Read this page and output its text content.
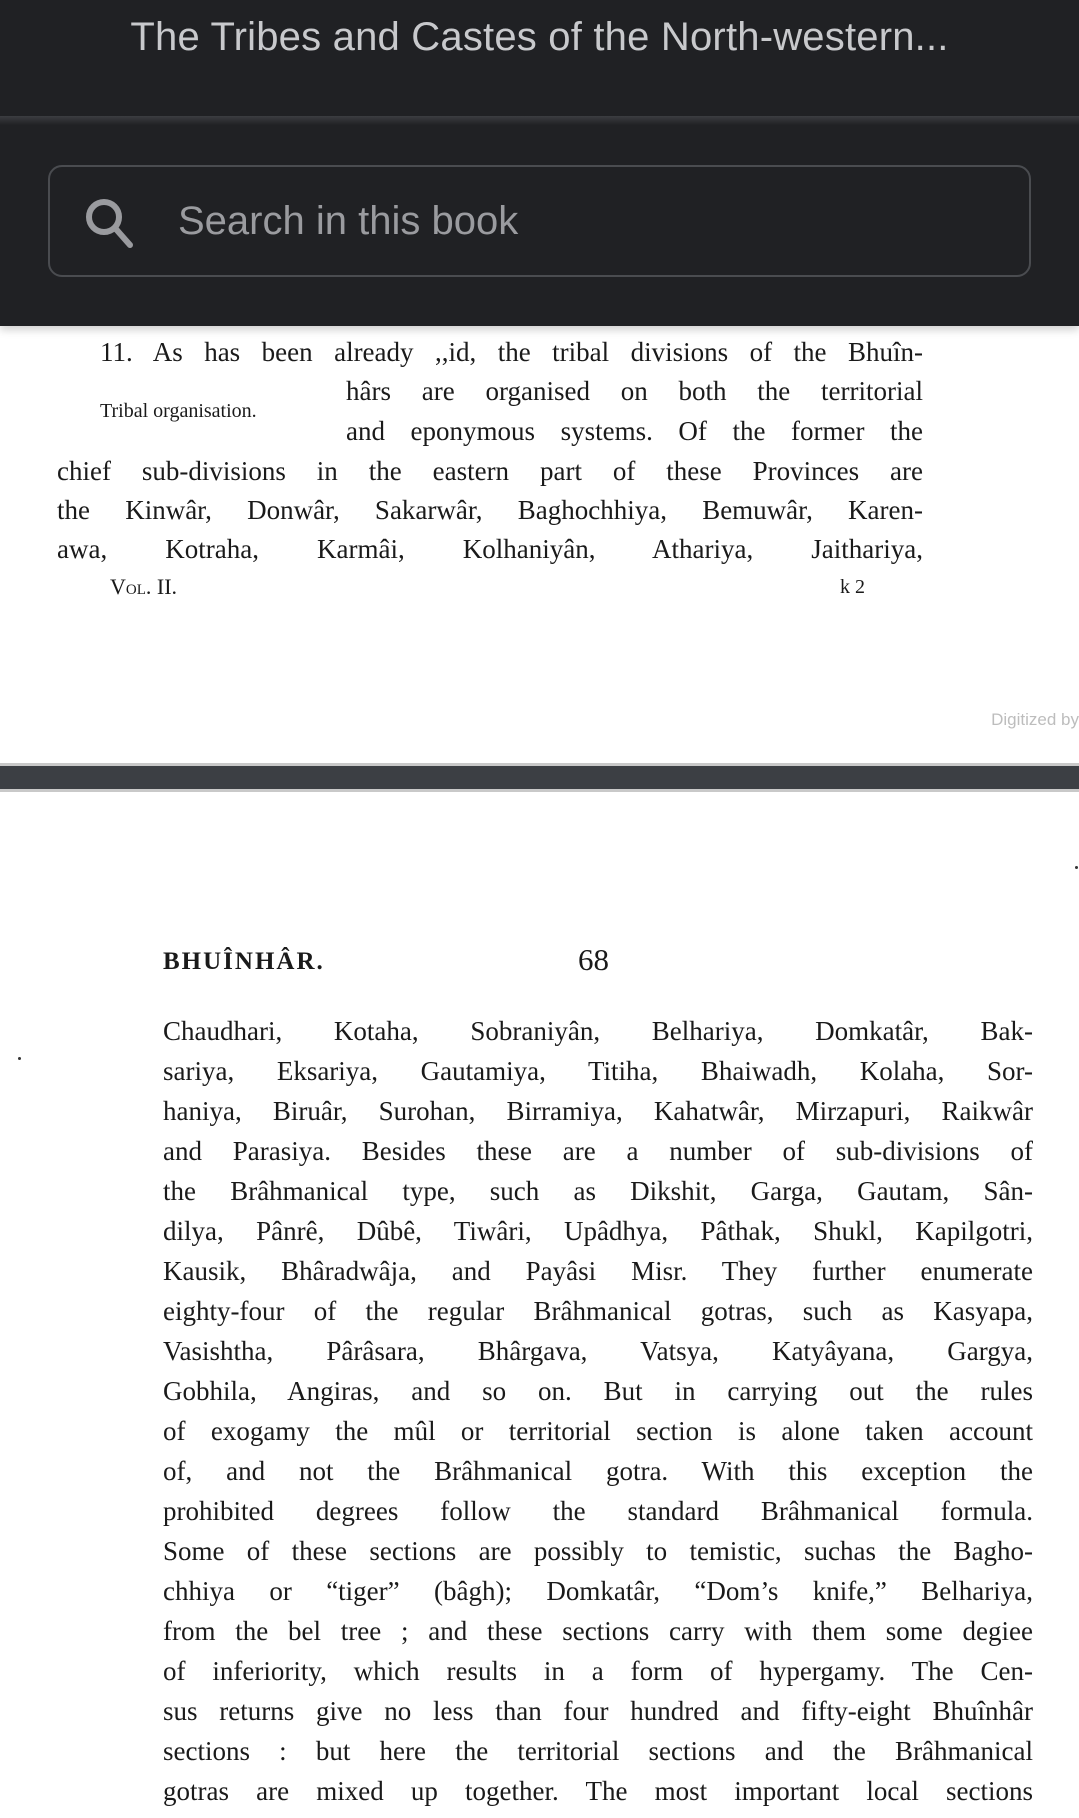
The Tribes and Castes of the North-western...
Search in this book
11. As has been already ,,id, the tribal divisions of the Bhuîn-
hârs are organised on both the territorial
Tribal organisation.
and eponymous systems. Of the former the
chief sub-divisions in the eastern part of these Provinces are
the Kinwâr, Donwâr, Sakarwâr, Baghochhiya, Bemuwâr, Karen-
awa, Kotraha, Karmâi, Kolhaniyân, Athariya, Jaithariya,
Vol. II.	k 2
Digitized by
BHUÎNHÂR.	68
Chaudhari, Kotaha, Sobraniyân, Belhariya, Domkatâr, Bak-
sariya, Eksariya, Gautamiya, Titiha, Bhaiwadh, Kolaha, Sor-
haniya, Biruâr, Surohan, Birramiya, Kahatwâr, Mirzapuri, Raikwâr
and Parasiya. Besides these are a number of sub-divisions of
the Brâhmanical type, such as Dikshit, Garga, Gautam, Sân-
dilya, Pânrê, Dûbê, Tiwâri, Upâdhya, Pâthak, Shukl, Kapilgotri,
Kausik, Bhâradwâja, and Payâsi Misr. They further enumerate
eighty-four of the regular Brâhmanical gotras, such as Kasyapa,
Vasishtha, Pârâsara, Bhârgava, Vatsya, Katyâyana, Gargya,
Gobhila, Angiras, and so on. But in carrying out the rules
of exogamy the mûl or territorial section is alone taken account
of, and not the Brâhmanical gotra. With this exception the
prohibited degrees follow the standard Brâhmanical formula.
Some of these sections are possibly to temistic, suchas the Bagho-
chhiya or “tiger” (bâgh); Domkatâr, “Dom’s knife,” Belhariya,
from the bel tree ; and these sections carry with them some degiee
of inferiority, which results in a form of hypergamy. The Cen-
sus returns give no less than four hundred and fifty-eight Bhuînhâr
sections : but here the territorial sections and the Brâhmanical
gotras are mixed up together. The most important local sections
